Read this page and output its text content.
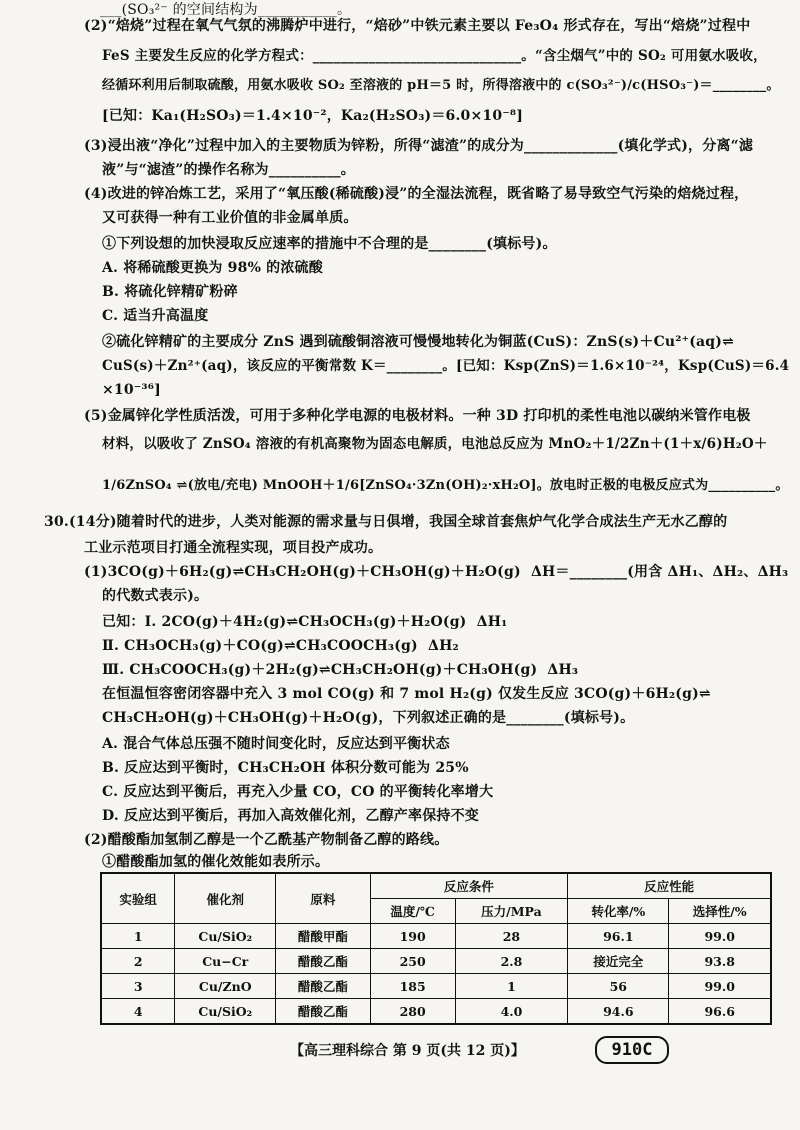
___(SO₃²⁻ 的空间结构为___________。
(2)“焙烧”过程在氧气气氛的沸腾炉中进行，“焙砂”中铁元素主要以 Fe₃O₄ 形式存在，写出“焙烧”过程中
FeS 主要发生反应的化学方程式：______________________________。“含尘烟气”中的 SO₂ 可用氨水吸收，
经循环利用后制取硫酸，用氨水吸收 SO₂ 至溶液的 pH＝5 时，所得溶液中的 c(SO₃²⁻)/c(HSO₃⁻)＝________。
[已知：Ka₁(H₂SO₃)＝1.4×10⁻²，Ka₂(H₂SO₃)＝6.0×10⁻⁸]
(3)浸出液“净化”过程中加入的主要物质为锌粉，所得“滤渣”的成分为_____________(填化学式)，分离“滤
液”与“滤渣”的操作名称为__________。
(4)改进的锌冶炼工艺，采用了“氧压酸(稀硫酸)浸”的全湿法流程，既省略了易导致空气污染的焙烧过程，
又可获得一种有工业价值的非金属单质。
①下列设想的加快浸取反应速率的措施中不合理的是________(填标号)。
A. 将稀硫酸更换为 98% 的浓硫酸
B. 将硫化锌精矿粉碎
C. 适当升高温度
②硫化锌精矿的主要成分 ZnS 遇到硫酸铜溶液可慢慢地转化为铜蓝(CuS)：ZnS(s)＋Cu²⁺(aq)⇌
CuS(s)＋Zn²⁺(aq)，该反应的平衡常数 K＝________。[已知：Ksp(ZnS)＝1.6×10⁻²⁴，Ksp(CuS)＝6.4
×10⁻³⁶]
(5)金属锌化学性质活泼，可用于多种化学电源的电极材料。一种 3D 打印机的柔性电池以碳纳米管作电极
材料，以吸收了 ZnSO₄ 溶液的有机高聚物为固态电解质，电池总反应为 MnO₂＋1/2Zn＋(1＋x/6)H₂O＋
1/6ZnSO₄ ⇌(放电/充电) MnOOH＋1/6[ZnSO₄·3Zn(OH)₂·xH₂O]。放电时正极的电极反应式为__________。
30.(14分)随着时代的进步，人类对能源的需求量与日俱增，我国全球首套焦炉气化学合成法生产无水乙醇的
工业示范项目打通全流程实现，项目投产成功。
(1)3CO(g)＋6H₂(g)⇌CH₃CH₂OH(g)＋CH₃OH(g)＋H₂O(g)  ΔH＝________(用含 ΔH₁、ΔH₂、ΔH₃
的代数式表示)。
已知：Ⅰ. 2CO(g)＋4H₂(g)⇌CH₃OCH₃(g)＋H₂O(g)  ΔH₁
Ⅱ. CH₃OCH₃(g)＋CO(g)⇌CH₃COOCH₃(g)  ΔH₂
Ⅲ. CH₃COOCH₃(g)＋2H₂(g)⇌CH₃CH₂OH(g)＋CH₃OH(g)  ΔH₃
在恒温恒容密闭容器中充入 3 mol CO(g) 和 7 mol H₂(g) 仅发生反应 3CO(g)＋6H₂(g)⇌
CH₃CH₂OH(g)＋CH₃OH(g)＋H₂O(g)，下列叙述正确的是________(填标号)。
A. 混合气体总压强不随时间变化时，反应达到平衡状态
B. 反应达到平衡时，CH₃CH₂OH 体积分数可能为 25%
C. 反应达到平衡后，再充入少量 CO，CO 的平衡转化率增大
D. 反应达到平衡后，再加入高效催化剂，乙醇产率保持不变
(2)醋酸酯加氢制乙醇是一个乙酰基产物制备乙醇的路线。
①醋酸酯加氢的催化效能如表所示。
实验组	催化剂	原料	反应条件		反应性能	
			温度/℃	压力/MPa	转化率/%	选择性/%
1	Cu/SiO₂	醋酸甲酯	190	28	96.1	99.0
2	Cu−Cr	醋酸乙酯	250	2.8	接近完全	93.8
3	Cu/ZnO	醋酸乙酯	185	1	56	99.0
4	Cu/SiO₂	醋酸乙酯	280	4.0	94.6	96.6
【高三理科综合 第 9 页(共 12 页)】	910C
